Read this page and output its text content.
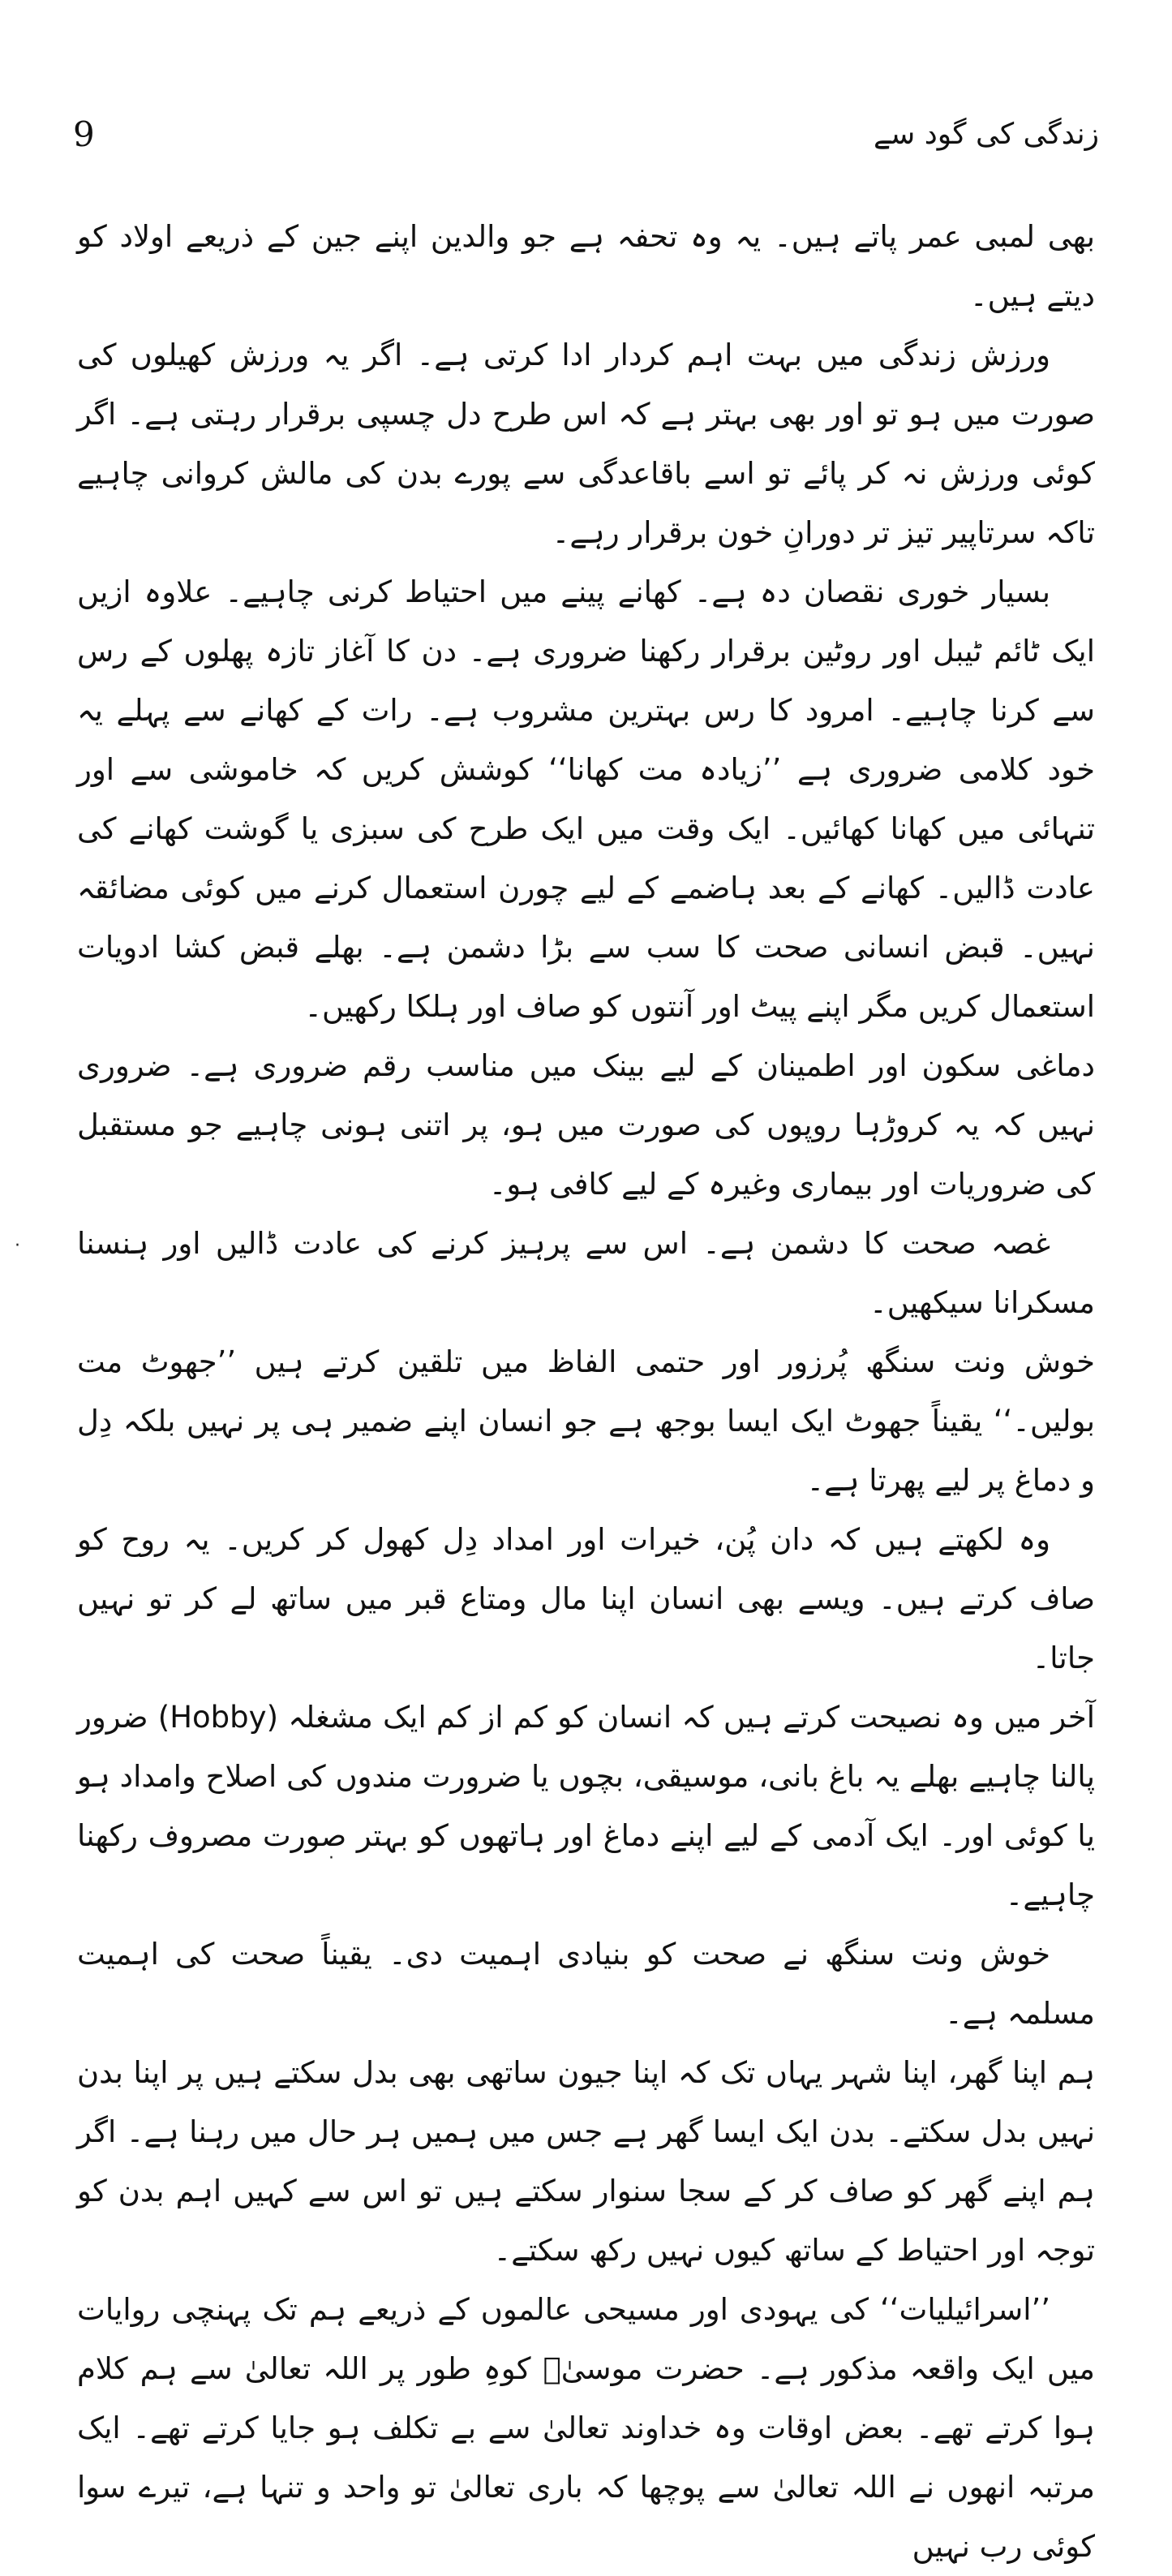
9	زندگی کی گود سے

بھی لمبی عمر پاتے ہیں۔ یہ وہ تحفہ ہے جو والدین اپنے جین کے ذریعے اولاد کو دیتے ہیں۔

ورزش زندگی میں بہت اہم کردار ادا کرتی ہے۔ اگر یہ ورزش کھیلوں کی صورت میں ہو تو اور بھی بہتر ہے کہ اس طرح دل چسپی برقرار رہتی ہے۔ اگر کوئی ورزش نہ کر پائے تو اسے باقاعدگی سے پورے بدن کی مالش کروانی چاہیے تاکہ سرتاپیر تیز تر دورانِ خون برقرار رہے۔

بسیار خوری نقصان دہ ہے۔ کھانے پینے میں احتیاط کرنی چاہیے۔ علاوہ ازیں ایک ٹائم ٹیبل اور روٹین برقرار رکھنا ضروری ہے۔ دن کا آغاز تازہ پھلوں کے رس سے کرنا چاہیے۔ امرود کا رس بہترین مشروب ہے۔ رات کے کھانے سے پہلے یہ خود کلامی ضروری ہے ’’زیادہ مت کھانا‘‘ کوشش کریں کہ خاموشی سے اور تنہائی میں کھانا کھائیں۔ ایک وقت میں ایک طرح کی سبزی یا گوشت کھانے کی عادت ڈالیں۔ کھانے کے بعد ہاضمے کے لیے چورن استعمال کرنے میں کوئی مضائقہ نہیں۔ قبض انسانی صحت کا سب سے بڑا دشمن ہے۔ بھلے قبض کشا ادویات استعمال کریں مگر اپنے پیٹ اور آنتوں کو صاف اور ہلکا رکھیں۔

دماغی سکون اور اطمینان کے لیے بینک میں مناسب رقم ضروری ہے۔ ضروری نہیں کہ یہ کروڑہا روپوں کی صورت میں ہو، پر اتنی ہونی چاہیے جو مستقبل کی ضروریات اور بیماری وغیرہ کے لیے کافی ہو۔

غصہ صحت کا دشمن ہے۔ اس سے پرہیز کرنے کی عادت ڈالیں اور ہنسنا مسکرانا سیکھیں۔

خوش ونت سنگھ پُرزور اور حتمی الفاظ میں تلقین کرتے ہیں ’’جھوٹ مت بولیں۔‘‘ یقیناً جھوٹ ایک ایسا بوجھ ہے جو انسان اپنے ضمیر ہی پر نہیں بلکہ دِل و دماغ پر لیے پھرتا ہے۔

وہ لکھتے ہیں کہ دان پُن، خیرات اور امداد دِل کھول کر کریں۔ یہ روح کو صاف کرتے ہیں۔ ویسے بھی انسان اپنا مال ومتاع قبر میں ساتھ لے کر تو نہیں جاتا۔

آخر میں وہ نصیحت کرتے ہیں کہ انسان کو کم از کم ایک مشغلہ (Hobby) ضرور پالنا چاہیے بھلے یہ باغ بانی، موسیقی، بچوں یا ضرورت مندوں کی اصلاح وامداد ہو یا کوئی اور۔ ایک آدمی کے لیے اپنے دماغ اور ہاتھوں کو بہتر صورت مصروف رکھنا چاہیے۔

خوش ونت سنگھ نے صحت کو بنیادی اہمیت دی۔ یقیناً صحت کی اہمیت مسلمہ ہے۔

ہم اپنا گھر، اپنا شہر یہاں تک کہ اپنا جیون ساتھی بھی بدل سکتے ہیں پر اپنا بدن نہیں بدل سکتے۔ بدن ایک ایسا گھر ہے جس میں ہمیں ہر حال میں رہنا ہے۔ اگر ہم اپنے گھر کو صاف کر کے سجا سنوار سکتے ہیں تو اس سے کہیں اہم بدن کو توجہ اور احتیاط کے ساتھ کیوں نہیں رکھ سکتے۔

’’اسرائیلیات‘‘ کی یہودی اور مسیحی عالموں کے ذریعے ہم تک پہنچی روایات میں ایک واقعہ مذکور ہے۔ حضرت موسیٰؑ کوہِ طور پر اللہ تعالیٰ سے ہم کلام ہوا کرتے تھے۔ بعض اوقات وہ خداوند تعالیٰ سے بے تکلف ہو جایا کرتے تھے۔ ایک مرتبہ انھوں نے اللہ تعالیٰ سے پوچھا کہ باری تعالیٰ تو واحد و تنہا ہے، تیرے سوا کوئی رب نہیں

·
·
